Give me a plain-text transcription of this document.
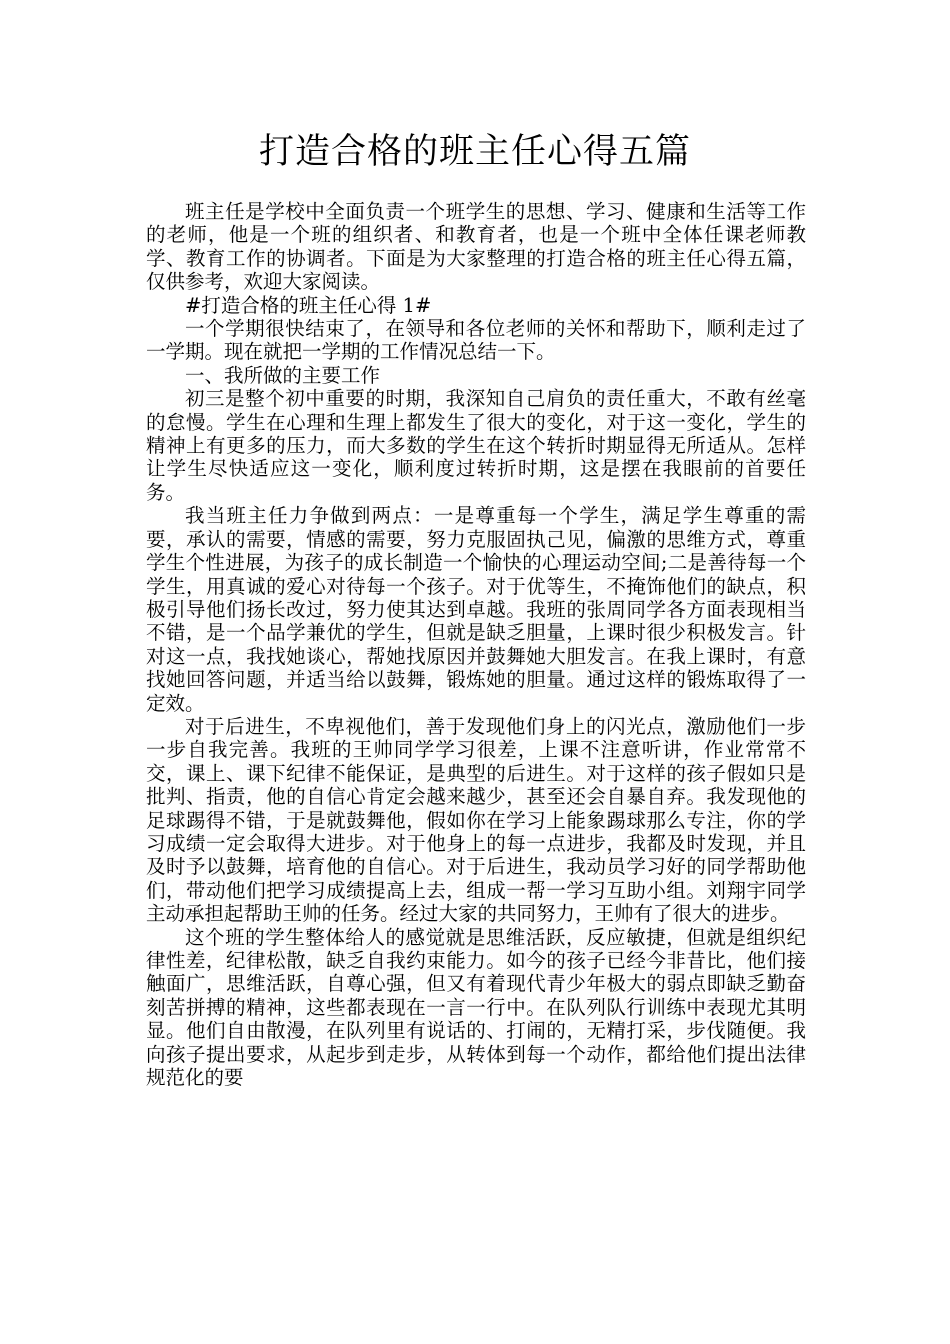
打造合格的班主任心得五篇

班主任是学校中全面负责一个班学生的思想、学习、健康和生活等工作的老师，他是一个班的组织者、和教育者，也是一个班中全体任课老师教学、教育工作的协调者。下面是为大家整理的打造合格的班主任心得五篇，仅供参考，欢迎大家阅读。

#打造合格的班主任心得 1#

一个学期很快结束了，在领导和各位老师的关怀和帮助下，顺利走过了一学期。现在就把一学期的工作情况总结一下。

一、我所做的主要工作

初三是整个初中重要的时期，我深知自己肩负的责任重大，不敢有丝毫的怠慢。学生在心理和生理上都发生了很大的变化，对于这一变化，学生的精神上有更多的压力，而大多数的学生在这个转折时期显得无所适从。怎样让学生尽快适应这一变化，顺利度过转折时期，这是摆在我眼前的首要任务。

我当班主任力争做到两点：一是尊重每一个学生，满足学生尊重的需要，承认的需要，情感的需要，努力克服固执己见，偏激的思维方式，尊重学生个性进展，为孩子的成长制造一个愉快的心理运动空间;二是善待每一个学生，用真诚的爱心对待每一个孩子。对于优等生，不掩饰他们的缺点，积极引导他们扬长改过，努力使其达到卓越。我班的张周同学各方面表现相当不错，是一个品学兼优的学生，但就是缺乏胆量，上课时很少积极发言。针对这一点，我找她谈心，帮她找原因并鼓舞她大胆发言。在我上课时，有意找她回答问题，并适当给以鼓舞，锻炼她的胆量。通过这样的锻炼取得了一定效。

对于后进生，不卑视他们，善于发现他们身上的闪光点，激励他们一步一步自我完善。我班的王帅同学学习很差，上课不注意听讲，作业常常不交，课上、课下纪律不能保证，是典型的后进生。对于这样的孩子假如只是批判、指责，他的自信心肯定会越来越少，甚至还会自暴自弃。我发现他的足球踢得不错，于是就鼓舞他，假如你在学习上能象踢球那么专注，你的学习成绩一定会取得大进步。对于他身上的每一点进步，我都及时发现，并且及时予以鼓舞，培育他的自信心。对于后进生，我动员学习好的同学帮助他们，带动他们把学习成绩提高上去，组成一帮一学习互助小组。刘翔宇同学主动承担起帮助王帅的任务。经过大家的共同努力，王帅有了很大的进步。

这个班的学生整体给人的感觉就是思维活跃，反应敏捷，但就是组织纪律性差，纪律松散，缺乏自我约束能力。如今的孩子已经今非昔比，他们接触面广，思维活跃，自尊心强，但又有着现代青少年极大的弱点即缺乏勤奋刻苦拼搏的精神，这些都表现在一言一行中。在队列队行训练中表现尤其明显。他们自由散漫，在队列里有说话的、打闹的，无精打采，步伐随便。我向孩子提出要求，从起步到走步，从转体到每一个动作，都给他们提出法律规范化的要
